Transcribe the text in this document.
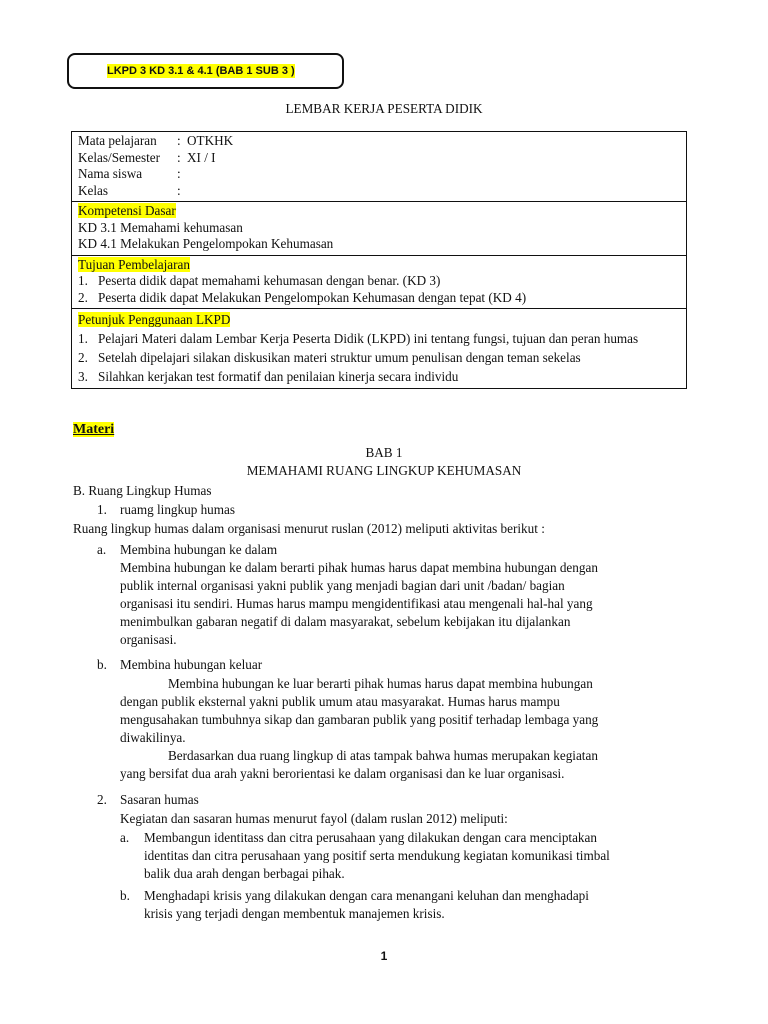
LKPD 3 KD 3.1 & 4.1 (BAB 1 SUB 3 )
LEMBAR KERJA PESERTA DIDIK
Mata pelajaran	: OTKHK
Kelas/Semester	: XI / I
Nama siswa	:
Kelas	:

Kompetensi Dasar
KD 3.1 Memahami kehumasan
KD 4.1 Melakukan Pengelompokan Kehumasan

Tujuan Pembelajaran
1. Peserta didik dapat memahami kehumasan dengan benar. (KD 3)
2. Peserta didik dapat Melakukan Pengelompokan Kehumasan dengan tepat (KD 4)

Petunjuk Penggunaan LKPD
1. Pelajari Materi dalam Lembar Kerja Peserta Didik (LKPD) ini tentang fungsi, tujuan dan peran humas
2. Setelah dipelajari silakan diskusikan materi struktur umum penulisan dengan teman sekelas
3. Silahkan kerjakan test formatif dan penilaian kinerja secara individu
Materi
BAB 1
MEMAHAMI RUANG LINGKUP KEHUMASAN
B. Ruang Lingkup Humas
1. ruamg lingkup humas
Ruang lingkup humas dalam organisasi menurut ruslan (2012) meliputi aktivitas berikut :
a. Membina hubungan ke dalam
Membina hubungan ke dalam berarti pihak humas harus dapat membina hubungan dengan
publik internal organisasi yakni publik yang menjadi bagian dari unit /badan/ bagian
organisasi itu sendiri. Humas harus mampu mengidentifikasi atau mengenali hal-hal yang
menimbulkan gabaran negatif di dalam masyarakat, sebelum kebijakan itu dijalankan
organisasi.
b. Membina hubungan keluar
Membina hubungan ke luar berarti pihak humas harus dapat membina hubungan
dengan publik eksternal yakni publik umum atau masyarakat. Humas harus mampu
mengusahakan tumbuhnya sikap dan gambaran publik yang positif terhadap lembaga yang
diwakilinya.
Berdasarkan dua ruang lingkup di atas tampak bahwa humas merupakan kegiatan
yang bersifat dua arah yakni berorientasi ke dalam organisasi dan ke luar organisasi.
2. Sasaran humas
Kegiatan dan sasaran humas menurut fayol (dalam ruslan 2012) meliputi:
a. Membangun identitass dan citra perusahaan yang dilakukan dengan cara menciptakan
identitas dan citra perusahaan yang positif serta mendukung kegiatan komunikasi timbal
balik dua arah dengan berbagai pihak.
b. Menghadapi krisis yang dilakukan dengan cara menangani keluhan dan menghadapi
krisis yang terjadi dengan membentuk manajemen krisis.
1
